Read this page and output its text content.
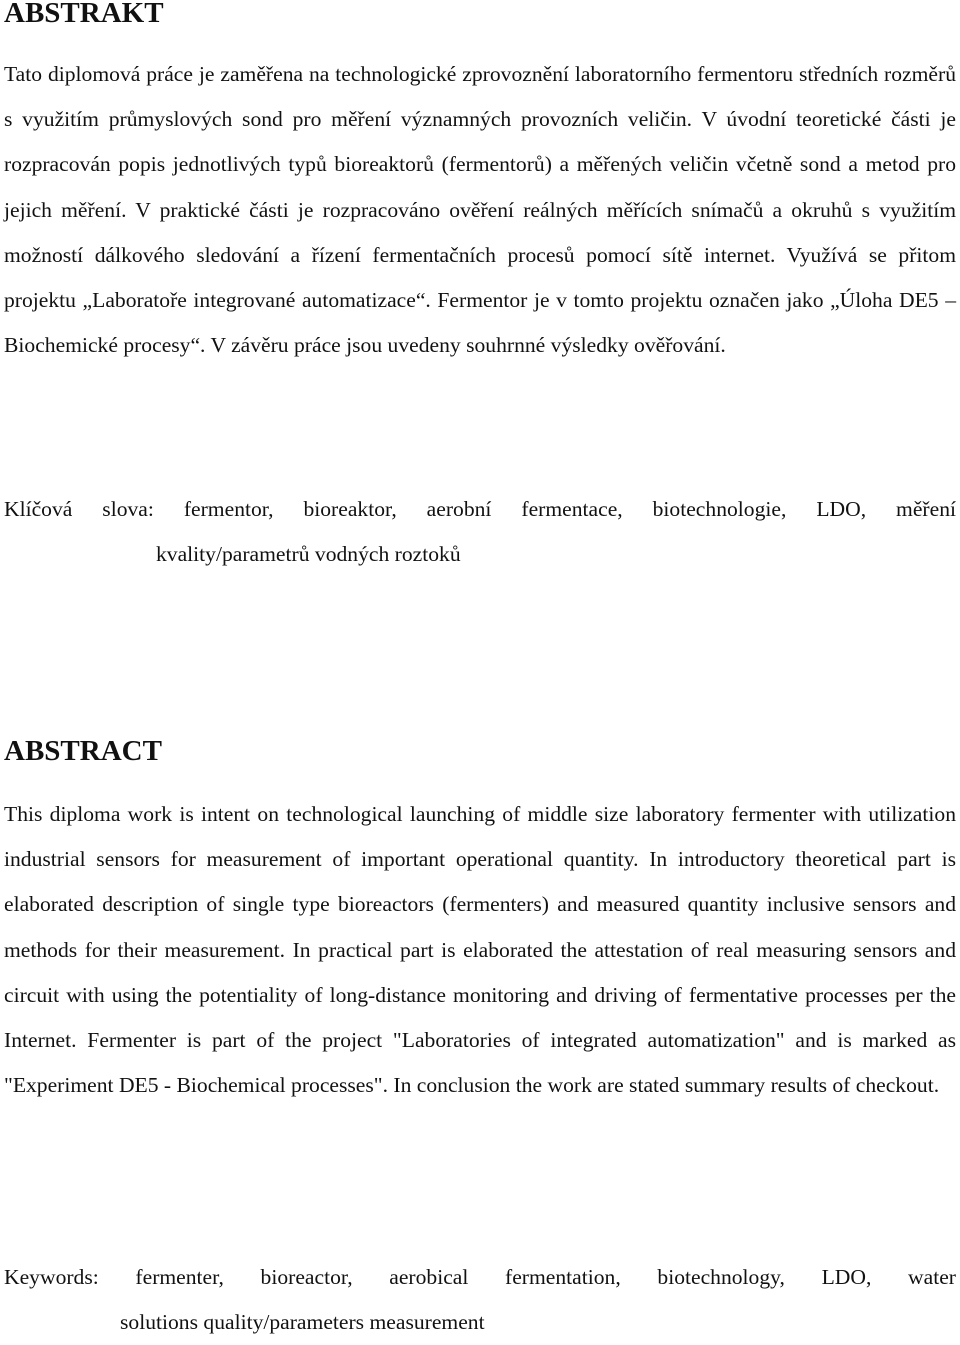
ABSTRAKT

Tato diplomová práce je zaměřena na technologické zprovoznění laboratorního fermentoru středních rozměrů s využitím průmyslových sond pro měření významných provozních veličin. V úvodní teoretické části je rozpracován popis jednotlivých typů bioreaktorů (fermentorů) a měřených veličin včetně sond a metod pro jejich měření. V praktické části je rozpracováno ověření reálných měřících snímačů a okruhů s využitím možností dálkového sledování a řízení fermentačních procesů pomocí sítě internet. Využívá se přitom projektu „Laboratoře integrované automatizace“. Fermentor je v tomto projektu označen jako „Úloha DE5 – Biochemické procesy“. V závěru práce jsou uvedeny souhrnné výsledky ověřování.

Klíčová slova: fermentor, bioreaktor, aerobní fermentace, biotechnologie, LDO, měření
kvality/parametrů vodných roztoků
ABSTRACT

This diploma work is intent on technological launching of middle size laboratory fermenter with utilization industrial sensors for measurement of important operational quantity. In introductory theoretical part is elaborated description of single type bioreactors (fermenters) and measured quantity inclusive sensors and methods for their measurement. In practical part is elaborated the attestation of real measuring sensors and circuit with using the potentiality of long-distance monitoring and driving of fermentative processes per the Internet. Fermenter is part of the project "Laboratories of integrated automatization" and is marked as "Experiment DE5 - Biochemical processes". In conclusion the work are stated summary results of checkout.

Keywords: fermenter, bioreactor, aerobical fermentation, biotechnology, LDO, water
solutions quality/parameters measurement
